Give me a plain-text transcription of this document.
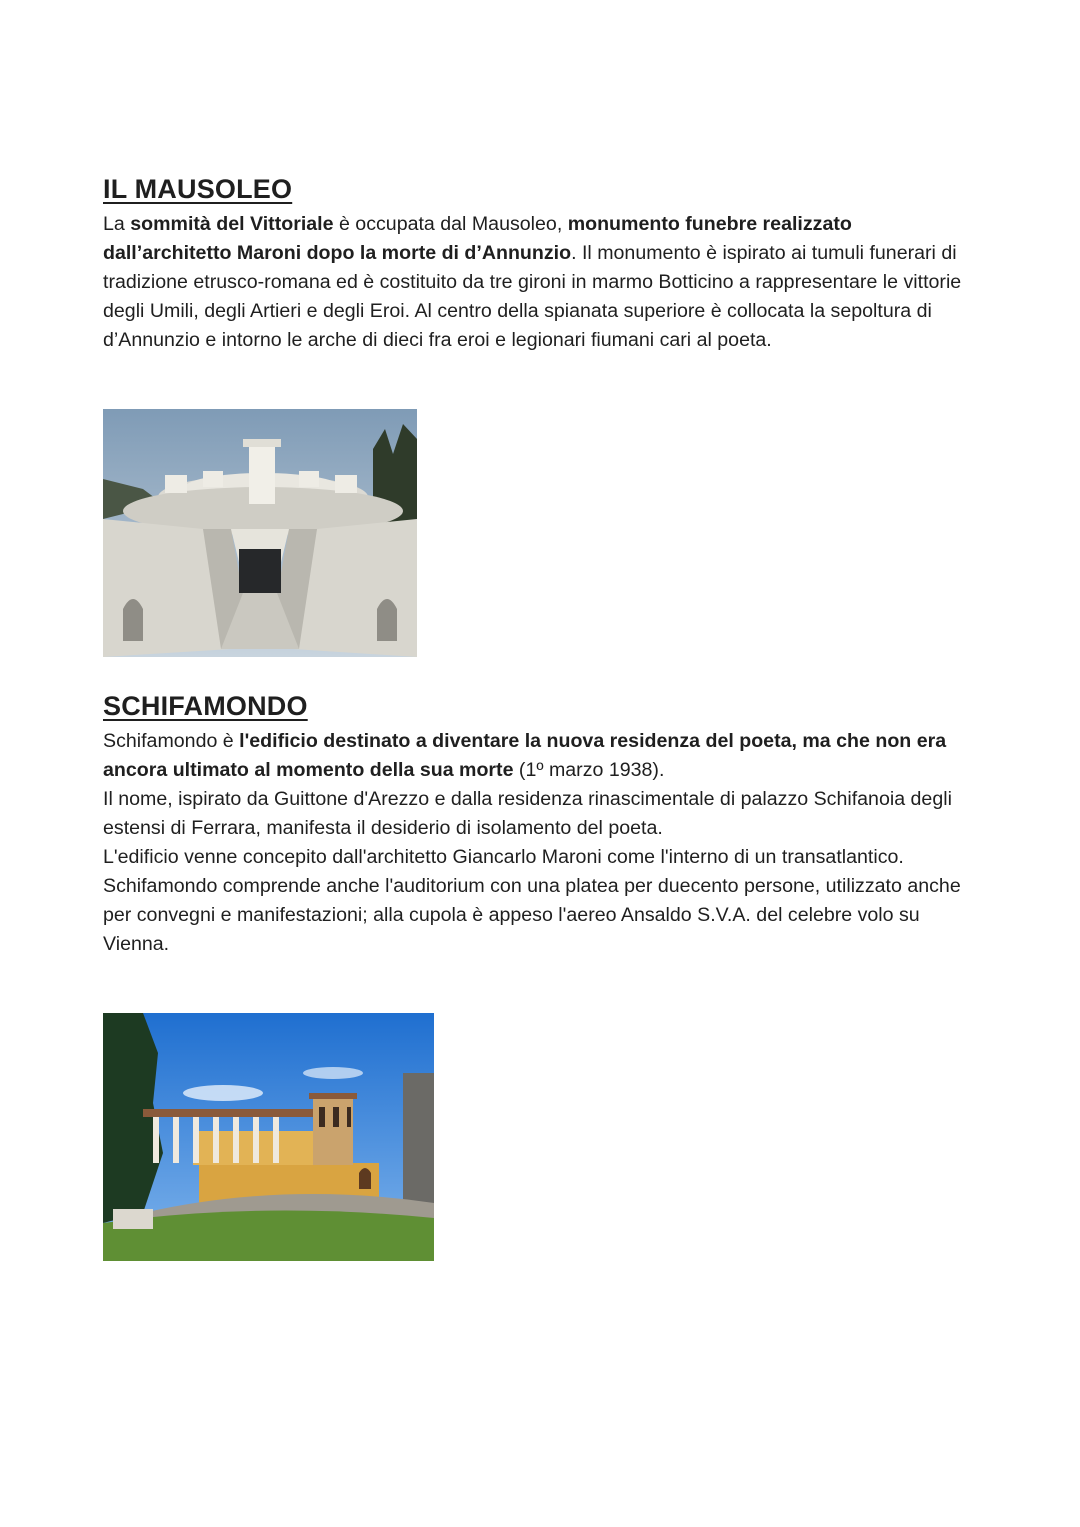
IL MAUSOLEO

La sommità del Vittoriale è occupata dal Mausoleo, monumento funebre realizzato dall’architetto Maroni dopo la morte di d’Annunzio. Il monumento è ispirato ai tumuli funerari di tradizione etrusco-romana ed è costituito da tre gironi in marmo Botticino a rappresentare le vittorie degli Umili, degli Artieri e degli Eroi. Al centro della spianata superiore è collocata la sepoltura di d’Annunzio e intorno le arche di dieci fra eroi e legionari fiumani cari al poeta.

SCHIFAMONDO

Schifamondo è l'edificio destinato a diventare la nuova residenza del poeta, ma che non era ancora ultimato al momento della sua morte (1º marzo 1938).

Il nome, ispirato da Guittone d'Arezzo e dalla residenza rinascimentale di palazzo Schifanoia degli estensi di Ferrara, manifesta il desiderio di isolamento del poeta.

L'edificio venne concepito dall'architetto Giancarlo Maroni come l'interno di un transatlantico.

Schifamondo comprende anche l'auditorium con una platea per duecento persone, utilizzato anche per convegni e manifestazioni; alla cupola è appeso l'aereo Ansaldo S.V.A. del celebre volo su Vienna.
